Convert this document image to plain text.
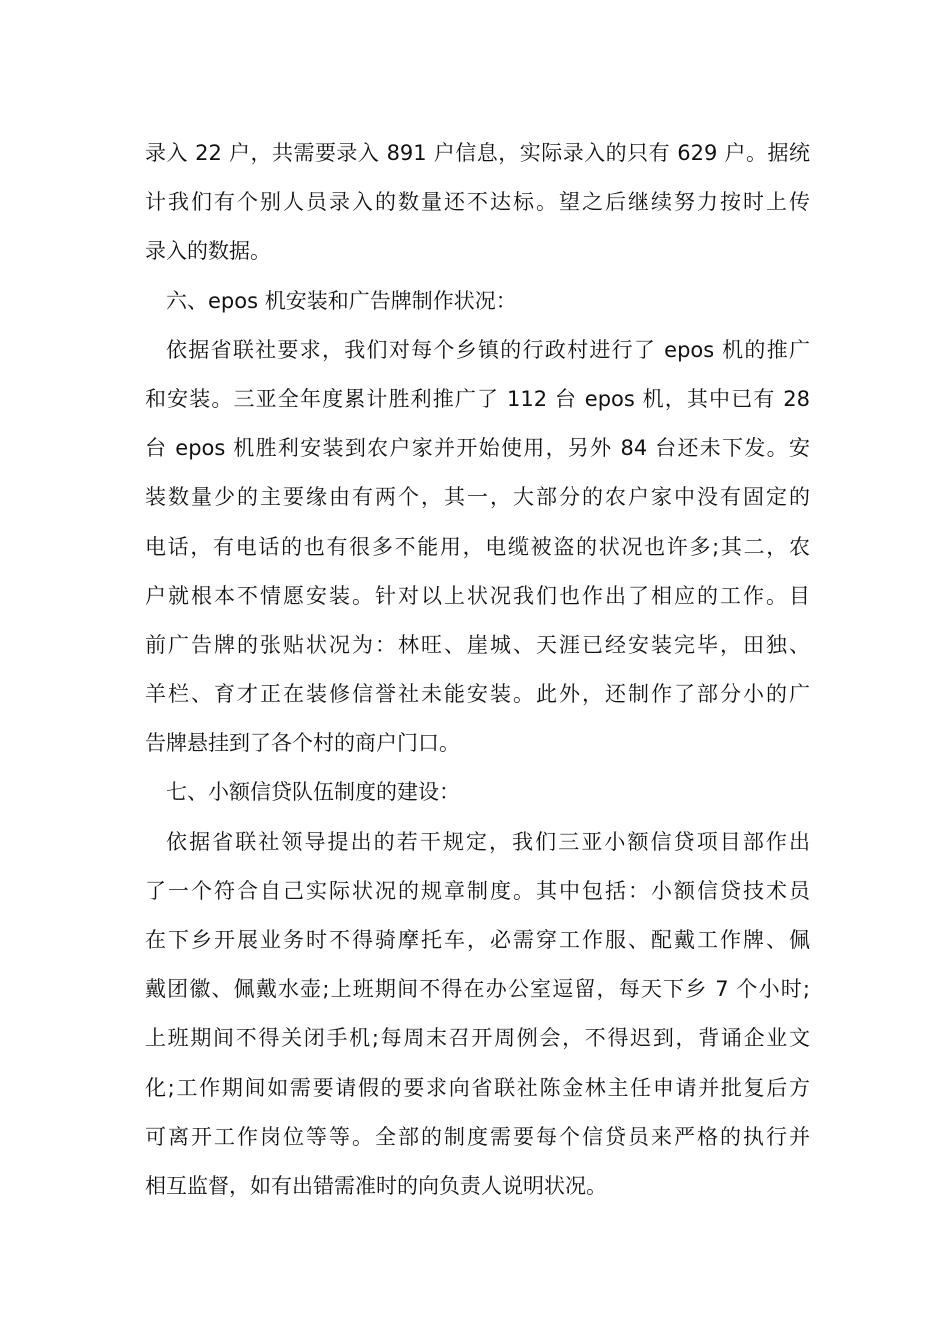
录入 22 户，共需要录入 891 户信息，实际录入的只有 629 户。据统
计我们有个别人员录入的数量还不达标。望之后继续努力按时上传
录入的数据。
六、epos 机安装和广告牌制作状况：
依据省联社要求，我们对每个乡镇的行政村进行了 epos 机的推广
和安装。三亚全年度累计胜利推广了 112 台 epos 机，其中已有 28
台 epos 机胜利安装到农户家并开始使用，另外 84 台还未下发。安
装数量少的主要缘由有两个，其一，大部分的农户家中没有固定的
电话，有电话的也有很多不能用，电缆被盗的状况也许多;其二，农
户就根本不情愿安装。针对以上状况我们也作出了相应的工作。目
前广告牌的张贴状况为：林旺、崖城、天涯已经安装完毕，田独、
羊栏、育才正在装修信誉社未能安装。此外，还制作了部分小的广
告牌悬挂到了各个村的商户门口。
七、小额信贷队伍制度的建设：
依据省联社领导提出的若干规定，我们三亚小额信贷项目部作出
了一个符合自己实际状况的规章制度。其中包括：小额信贷技术员
在下乡开展业务时不得骑摩托车，必需穿工作服、配戴工作牌、佩
戴团徽、佩戴水壶;上班期间不得在办公室逗留，每天下乡 7 个小时;
上班期间不得关闭手机;每周末召开周例会，不得迟到，背诵企业文
化;工作期间如需要请假的要求向省联社陈金林主任申请并批复后方
可离开工作岗位等等。全部的制度需要每个信贷员来严格的执行并
相互监督，如有出错需准时的向负责人说明状况。
